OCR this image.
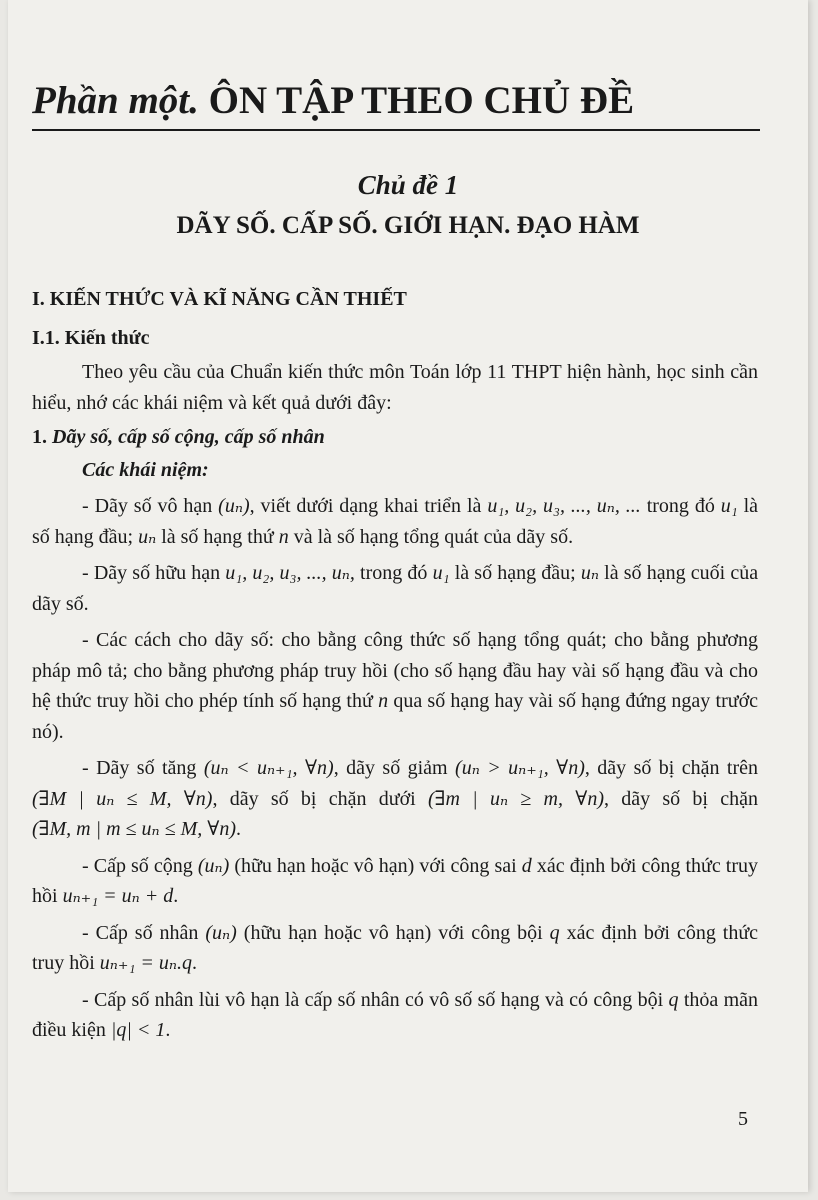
Phần một. ÔN TẬP THEO CHỦ ĐỀ
Chủ đề 1
DÃY SỐ. CẤP SỐ. GIỚI HẠN. ĐẠO HÀM
I. KIẾN THỨC VÀ KĨ NĂNG CẦN THIẾT
I.1. Kiến thức

Theo yêu cầu của Chuẩn kiến thức môn Toán lớp 11 THPT hiện hành, học sinh cần hiểu, nhớ các khái niệm và kết quả dưới đây:

1. Dãy số, cấp số cộng, cấp số nhân
Các khái niệm:

- Dãy số vô hạn (uₙ), viết dưới dạng khai triển là u₁, u₂, u₃, ..., uₙ, ... trong đó u₁ là số hạng đầu; uₙ là số hạng thứ n và là số hạng tổng quát của dãy số.

- Dãy số hữu hạn u₁, u₂, u₃, ..., uₙ, trong đó u₁ là số hạng đầu; uₙ là số hạng cuối của dãy số.

- Các cách cho dãy số: cho bằng công thức số hạng tổng quát; cho bằng phương pháp mô tả; cho bằng phương pháp truy hồi (cho số hạng đầu hay vài số hạng đầu và cho hệ thức truy hồi cho phép tính số hạng thứ n qua số hạng hay vài số hạng đứng ngay trước nó).

- Dãy số tăng (uₙ < uₙ₊₁, ∀n), dãy số giảm (uₙ > uₙ₊₁, ∀n), dãy số bị chặn trên (∃M | uₙ ≤ M, ∀n), dãy số bị chặn dưới (∃m | uₙ ≥ m, ∀n), dãy số bị chặn (∃M, m | m ≤ uₙ ≤ M, ∀n).

- Cấp số cộng (uₙ) (hữu hạn hoặc vô hạn) với công sai d xác định bởi công thức truy hồi uₙ₊₁ = uₙ + d.

- Cấp số nhân (uₙ) (hữu hạn hoặc vô hạn) với công bội q xác định bởi công thức truy hồi uₙ₊₁ = uₙ.q.

- Cấp số nhân lùi vô hạn là cấp số nhân có vô số số hạng và có công bội q thỏa mãn điều kiện |q| < 1.

5
